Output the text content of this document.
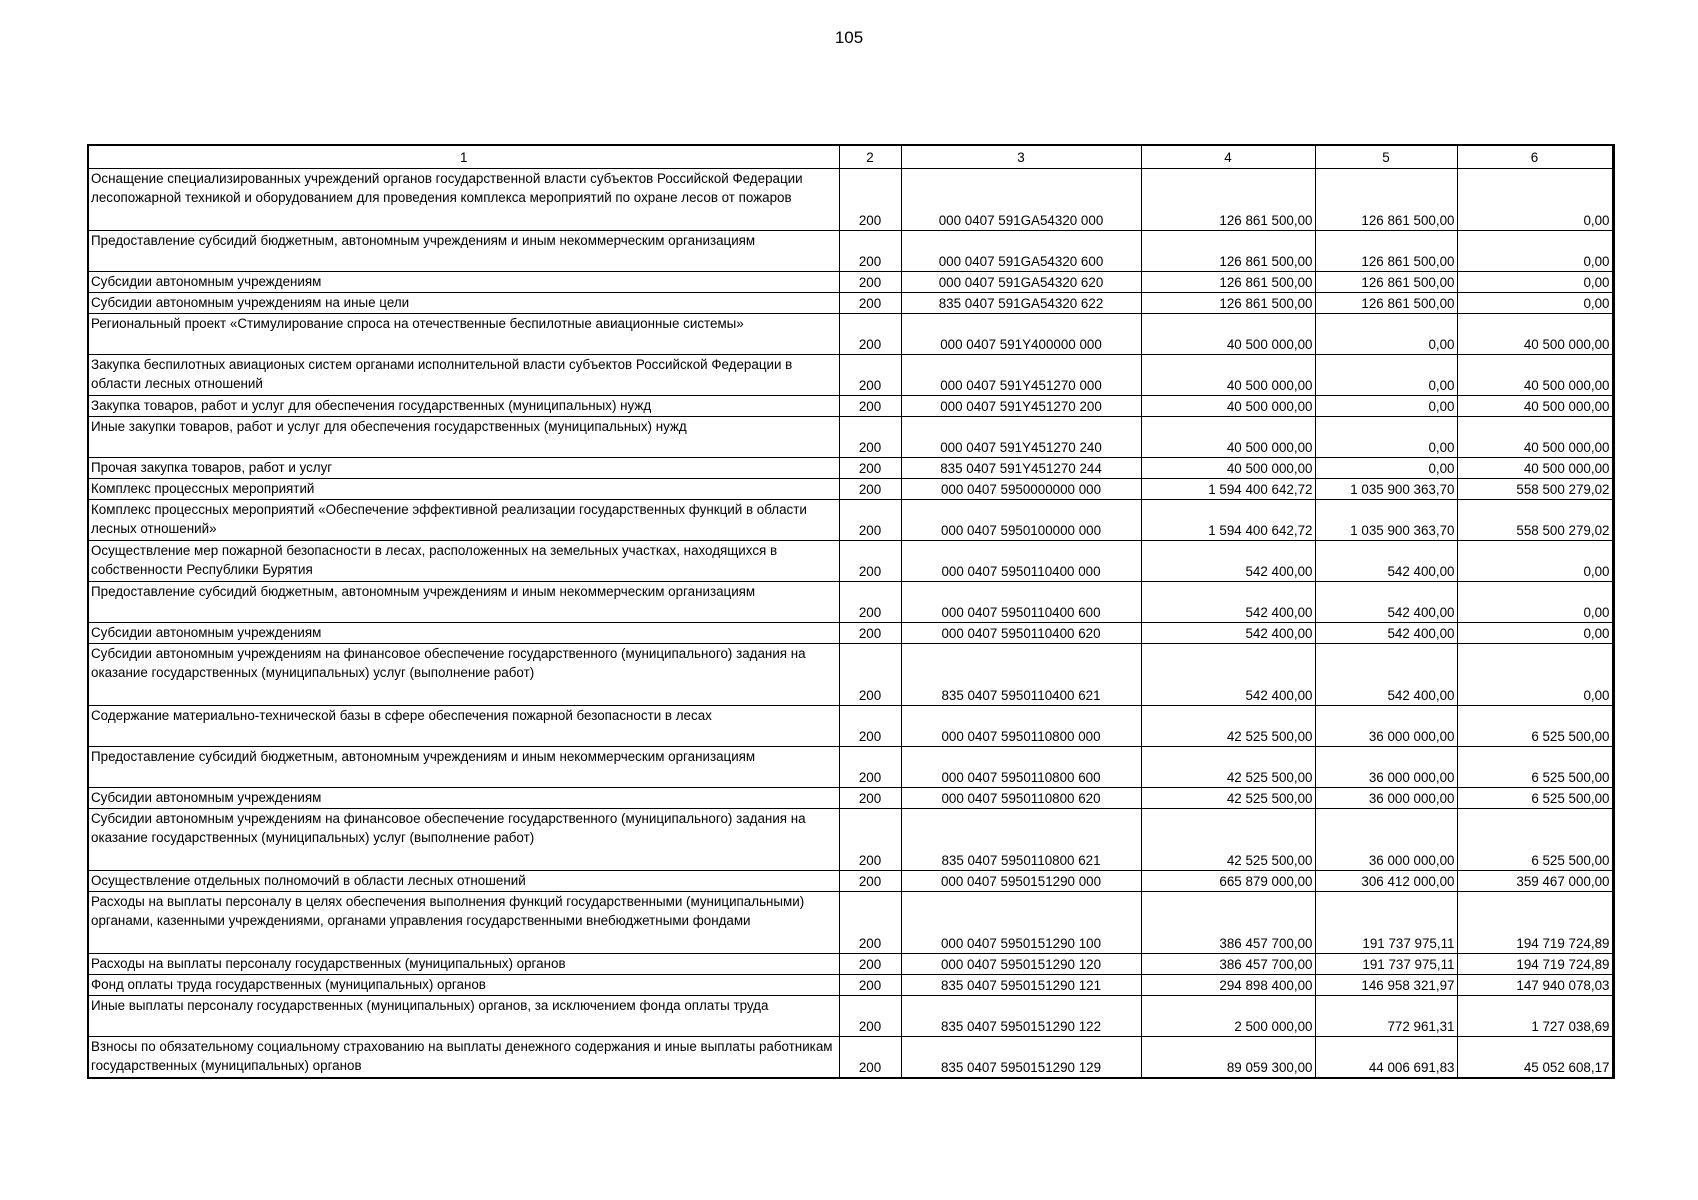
105
1	2	3	4	5	6
Оснащение специализированных учреждений органов государственной власти субъектов Российской Федерации лесопожарной техникой и оборудованием для проведения комплекса мероприятий по охране лесов от пожаров	200	000 0407 591GA54320 000	126 861 500,00	126 861 500,00	0,00
Предоставление субсидий бюджетным, автономным учреждениям и иным некоммерческим организациям	200	000 0407 591GA54320 600	126 861 500,00	126 861 500,00	0,00
Субсидии автономным учреждениям	200	000 0407 591GA54320 620	126 861 500,00	126 861 500,00	0,00
Субсидии автономным учреждениям на иные цели	200	835 0407 591GA54320 622	126 861 500,00	126 861 500,00	0,00
Региональный проект «Стимулирование спроса на отечественные беспилотные авиационные системы»	200	000 0407 591Y400000 000	40 500 000,00	0,00	40 500 000,00
Закупка беспилотных авиационых систем органами исполнительной власти субъектов Российской Федерации в области лесных отношений	200	000 0407 591Y451270 000	40 500 000,00	0,00	40 500 000,00
Закупка товаров, работ и услуг для обеспечения государственных (муниципальных) нужд	200	000 0407 591Y451270 200	40 500 000,00	0,00	40 500 000,00
Иные закупки товаров, работ и услуг для обеспечения государственных (муниципальных) нужд	200	000 0407 591Y451270 240	40 500 000,00	0,00	40 500 000,00
Прочая закупка товаров, работ и услуг	200	835 0407 591Y451270 244	40 500 000,00	0,00	40 500 000,00
Комплекс процессных мероприятий	200	000 0407 5950000000 000	1 594 400 642,72	1 035 900 363,70	558 500 279,02
Комплекс процессных мероприятий «Обеспечение эффективной реализации государственных функций в области лесных отношений»	200	000 0407 5950100000 000	1 594 400 642,72	1 035 900 363,70	558 500 279,02
Осуществление мер пожарной безопасности в лесах, расположенных на земельных участках, находящихся в собственности Республики Бурятия	200	000 0407 5950110400 000	542 400,00	542 400,00	0,00
Предоставление субсидий бюджетным, автономным учреждениям и иным некоммерческим организациям	200	000 0407 5950110400 600	542 400,00	542 400,00	0,00
Субсидии автономным учреждениям	200	000 0407 5950110400 620	542 400,00	542 400,00	0,00
Субсидии автономным учреждениям на финансовое обеспечение государственного (муниципального) задания на оказание государственных (муниципальных) услуг (выполнение работ)	200	835 0407 5950110400 621	542 400,00	542 400,00	0,00
Содержание материально-технической базы в сфере обеспечения пожарной безопасности в лесах	200	000 0407 5950110800 000	42 525 500,00	36 000 000,00	6 525 500,00
Предоставление субсидий бюджетным, автономным учреждениям и иным некоммерческим организациям	200	000 0407 5950110800 600	42 525 500,00	36 000 000,00	6 525 500,00
Субсидии автономным учреждениям	200	000 0407 5950110800 620	42 525 500,00	36 000 000,00	6 525 500,00
Субсидии автономным учреждениям на финансовое обеспечение государственного (муниципального) задания на оказание государственных (муниципальных) услуг (выполнение работ)	200	835 0407 5950110800 621	42 525 500,00	36 000 000,00	6 525 500,00
Осуществление отдельных полномочий в области лесных отношений	200	000 0407 5950151290 000	665 879 000,00	306 412 000,00	359 467 000,00
Расходы на выплаты персоналу в целях обеспечения выполнения функций государственными (муниципальными) органами, казенными учреждениями, органами управления государственными внебюджетными фондами	200	000 0407 5950151290 100	386 457 700,00	191 737 975,11	194 719 724,89
Расходы на выплаты персоналу государственных (муниципальных) органов	200	000 0407 5950151290 120	386 457 700,00	191 737 975,11	194 719 724,89
Фонд оплаты труда государственных (муниципальных) органов	200	835 0407 5950151290 121	294 898 400,00	146 958 321,97	147 940 078,03
Иные выплаты персоналу государственных (муниципальных) органов, за исключением фонда оплаты труда	200	835 0407 5950151290 122	2 500 000,00	772 961,31	1 727 038,69
Взносы по обязательному социальному страхованию на выплаты денежного содержания и иные выплаты работникам государственных (муниципальных) органов	200	835 0407 5950151290 129	89 059 300,00	44 006 691,83	45 052 608,17
